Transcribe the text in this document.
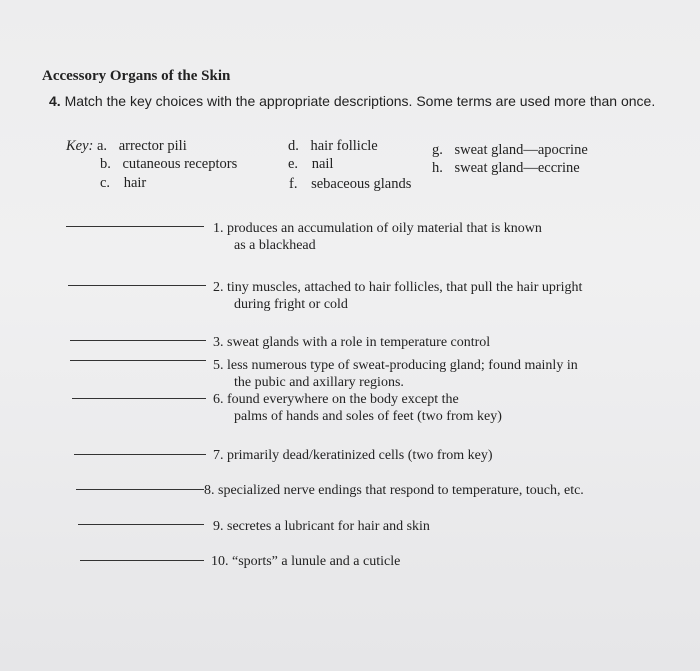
Accessory Organs of the Skin
4. Match the key choices with the appropriate descriptions. Some terms are used more than once.
Key: a. arrector pili
b. cutaneous receptors
c. hair
d. hair follicle
e. nail
f. sebaceous glands
g. sweat gland—apocrine
h. sweat gland—eccrine
1. produces an accumulation of oily material that is known
as a blackhead
2. tiny muscles, attached to hair follicles, that pull the hair upright
during fright or cold
3. sweat glands with a role in temperature control
5. less numerous type of sweat-producing gland; found mainly in
the pubic and axillary regions.
6. found everywhere on the body except the
palms of hands and soles of feet (two from key)
7. primarily dead/keratinized cells (two from key)
8. specialized nerve endings that respond to temperature, touch, etc.
9. secretes a lubricant for hair and skin
10. “sports” a lunule and a cuticle
